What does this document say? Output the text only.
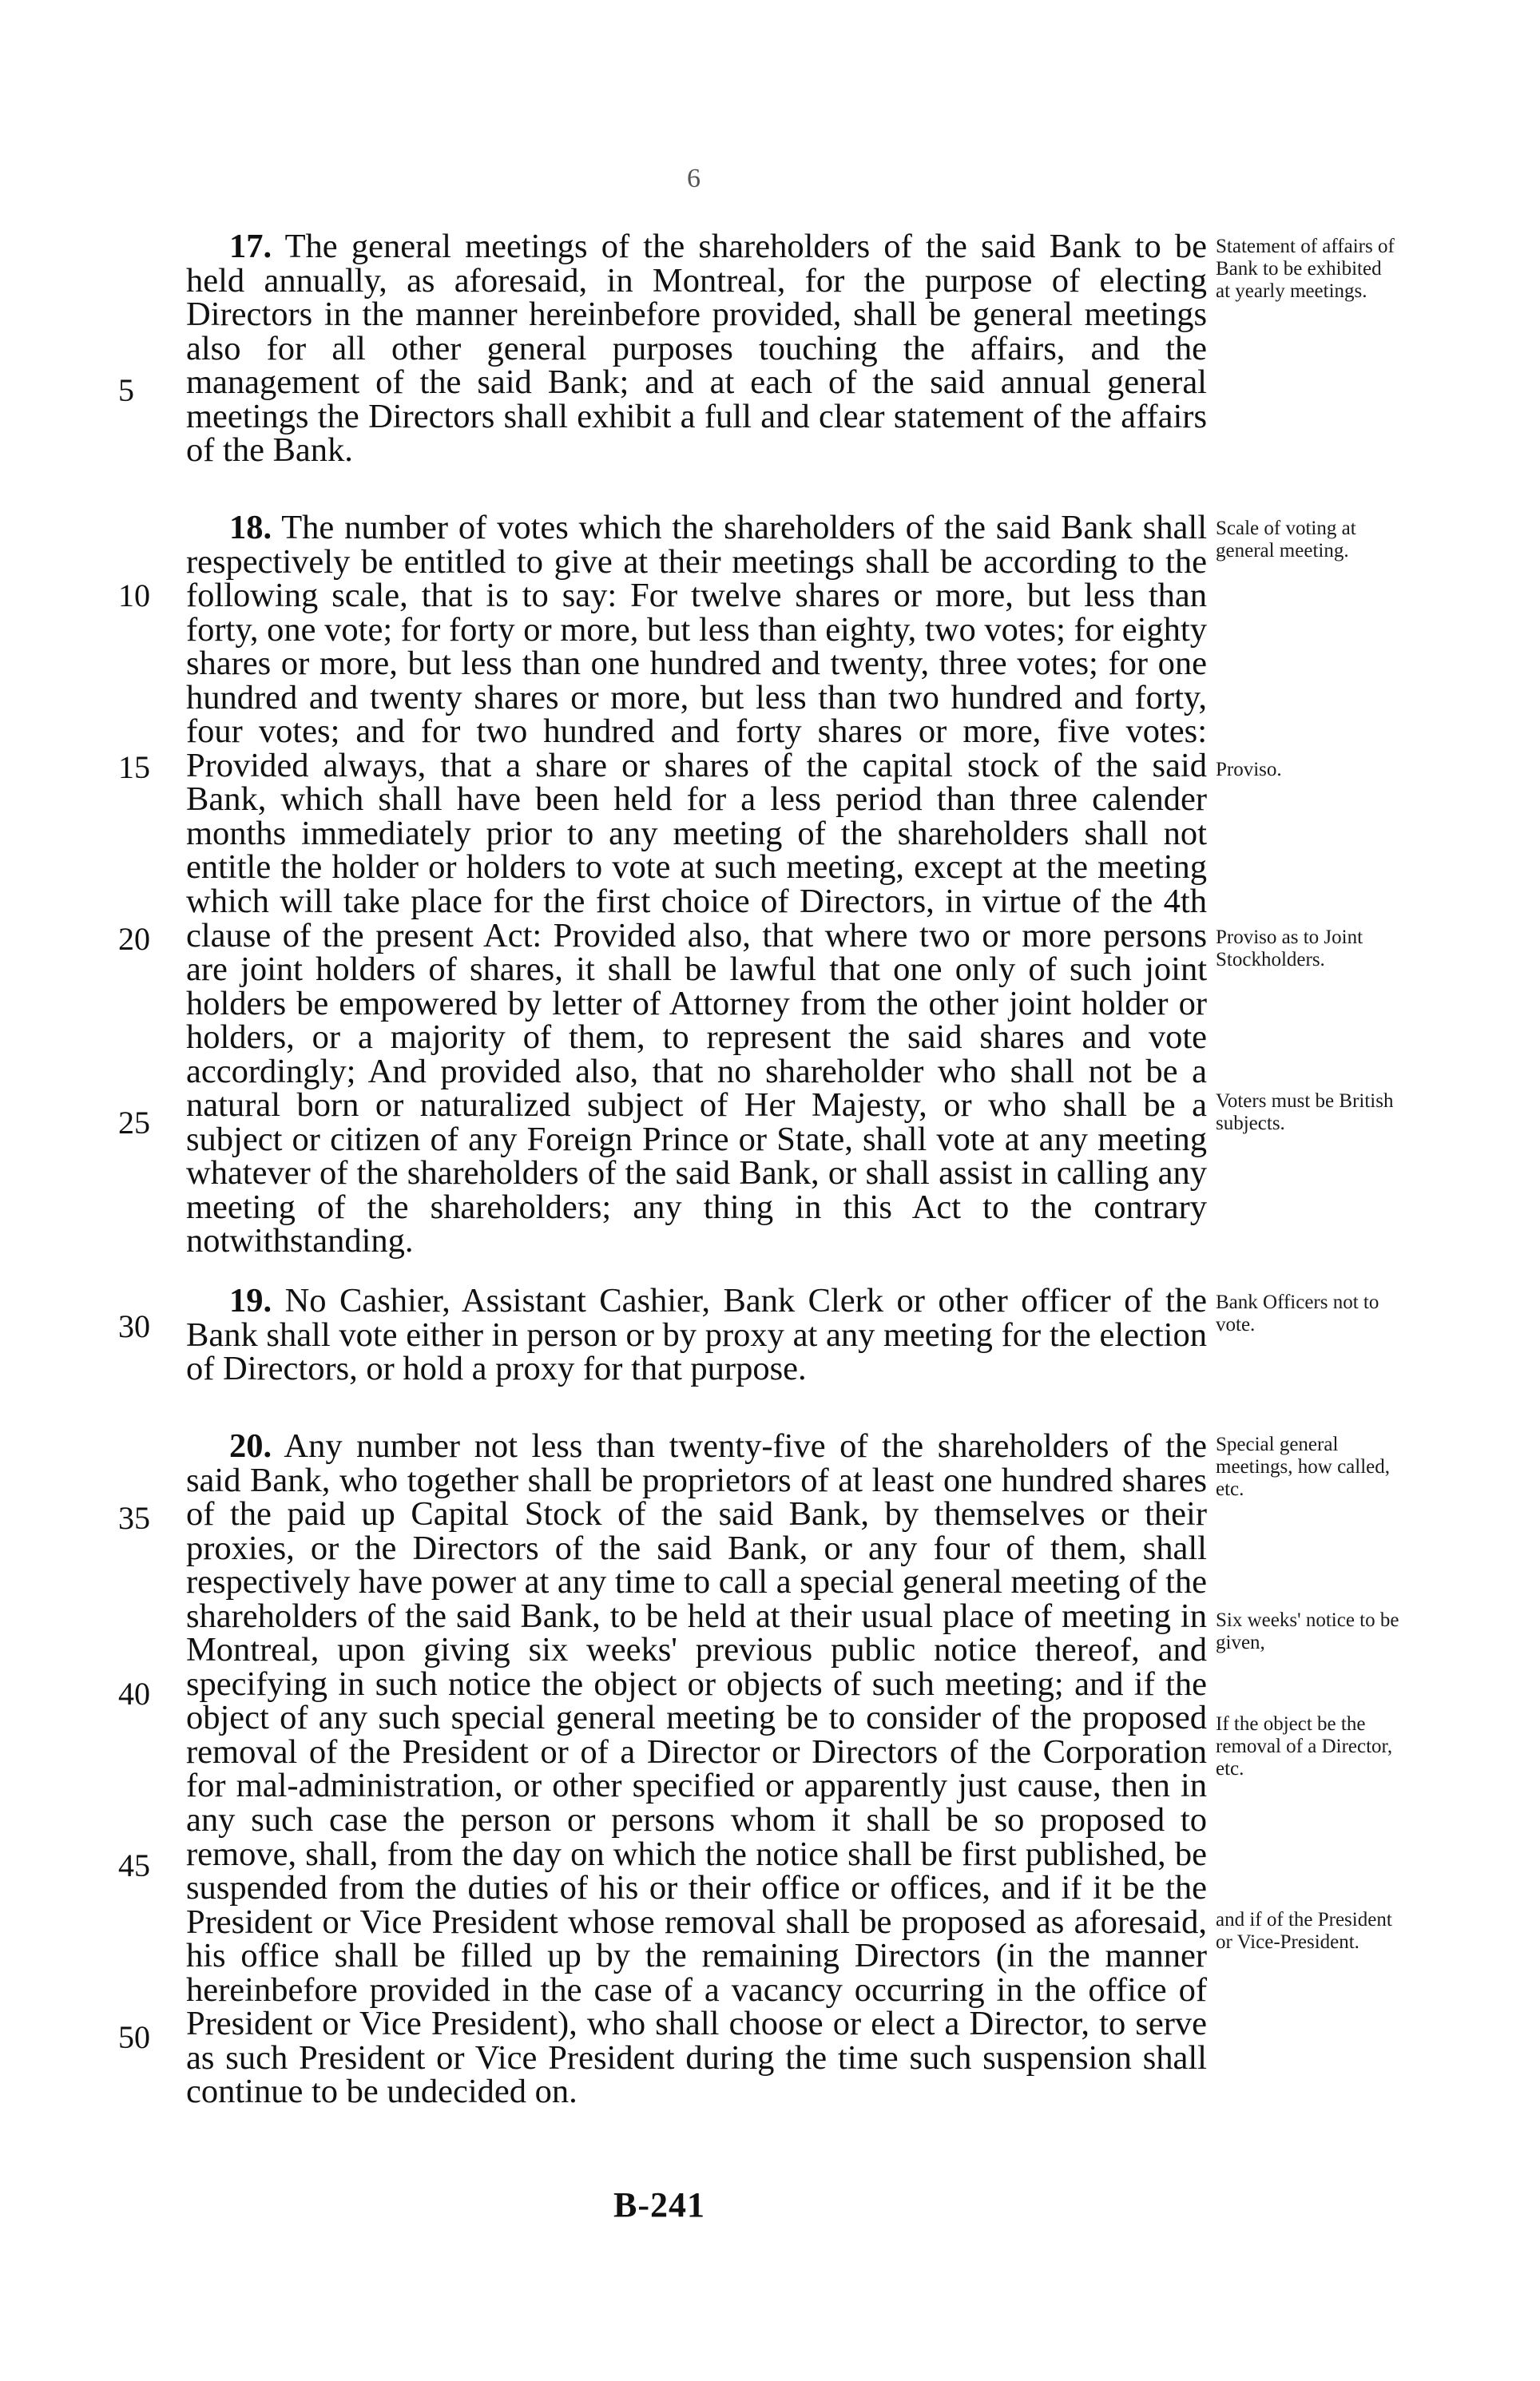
6

17. The general meetings of the shareholders of the said Bank to be held annually, as aforesaid, in Montreal, for the purpose of electing Directors in the manner hereinbefore provided, shall be general meetings also for all other general purposes touching the affairs, and the management of the said Bank; and at each of the said annual general meetings the Directors shall exhibit a full and clear statement of the affairs of the Bank.

18. The number of votes which the shareholders of the said Bank shall respectively be entitled to give at their meetings shall be according to the following scale, that is to say: For twelve shares or more, but less than forty, one vote; for forty or more, but less than eighty, two votes; for eighty shares or more, but less than one hundred and twenty, three votes; for one hundred and twenty shares or more, but less than two hundred and forty, four votes; and for two hundred and forty shares or more, five votes: Provided always, that a share or shares of the capital stock of the said Bank, which shall have been held for a less period than three calender months immediately prior to any meeting of the shareholders shall not entitle the holder or holders to vote at such meeting, except at the meeting which will take place for the first choice of Directors, in virtue of the 4th clause of the present Act: Provided also, that where two or more persons are joint holders of shares, it shall be lawful that one only of such joint holders be empowered by letter of Attorney from the other joint holder or holders, or a majority of them, to represent the said shares and vote accordingly; And provided also, that no shareholder who shall not be a natural born or naturalized subject of Her Majesty, or who shall be a subject or citizen of any Foreign Prince or State, shall vote at any meeting whatever of the shareholders of the said Bank, or shall assist in calling any meeting of the shareholders; any thing in this Act to the contrary notwithstanding.

19. No Cashier, Assistant Cashier, Bank Clerk or other officer of the Bank shall vote either in person or by proxy at any meeting for the election of Directors, or hold a proxy for that purpose.

20. Any number not less than twenty-five of the shareholders of the said Bank, who together shall be proprietors of at least one hundred shares of the paid up Capital Stock of the said Bank, by themselves or their proxies, or the Directors of the said Bank, or any four of them, shall respectively have power at any time to call a special general meeting of the shareholders of the said Bank, to be held at their usual place of meeting in Montreal, upon giving six weeks' previous public notice thereof, and specifying in such notice the object or objects of such meeting; and if the object of any such special general meeting be to consider of the proposed removal of the President or of a Director or Directors of the Corporation for mal-administration, or other specified or apparently just cause, then in any such case the person or persons whom it shall be so proposed to remove, shall, from the day on which the notice shall be first published, be suspended from the duties of his or their office or offices, and if it be the President or Vice President whose removal shall be proposed as aforesaid, his office shall be filled up by the remaining Directors (in the manner hereinbefore provided in the case of a vacancy occurring in the office of President or Vice President), who shall choose or elect a Director, to serve as such President or Vice President during the time such suspension shall continue to be undecided on.

5
10
15
20
25
30
35
40
45
50
Statement of affairs of Bank to be exhibited at yearly meetings.
Scale of voting at general meeting.
Proviso.
Proviso as to Joint Stockholders.
Voters must be British subjects.
Bank Officers not to vote.
Special general meetings, how called, etc.
Six weeks' notice to be given,
If the object be the removal of a Director, etc.
and if of the President or Vice-President.
B-241
